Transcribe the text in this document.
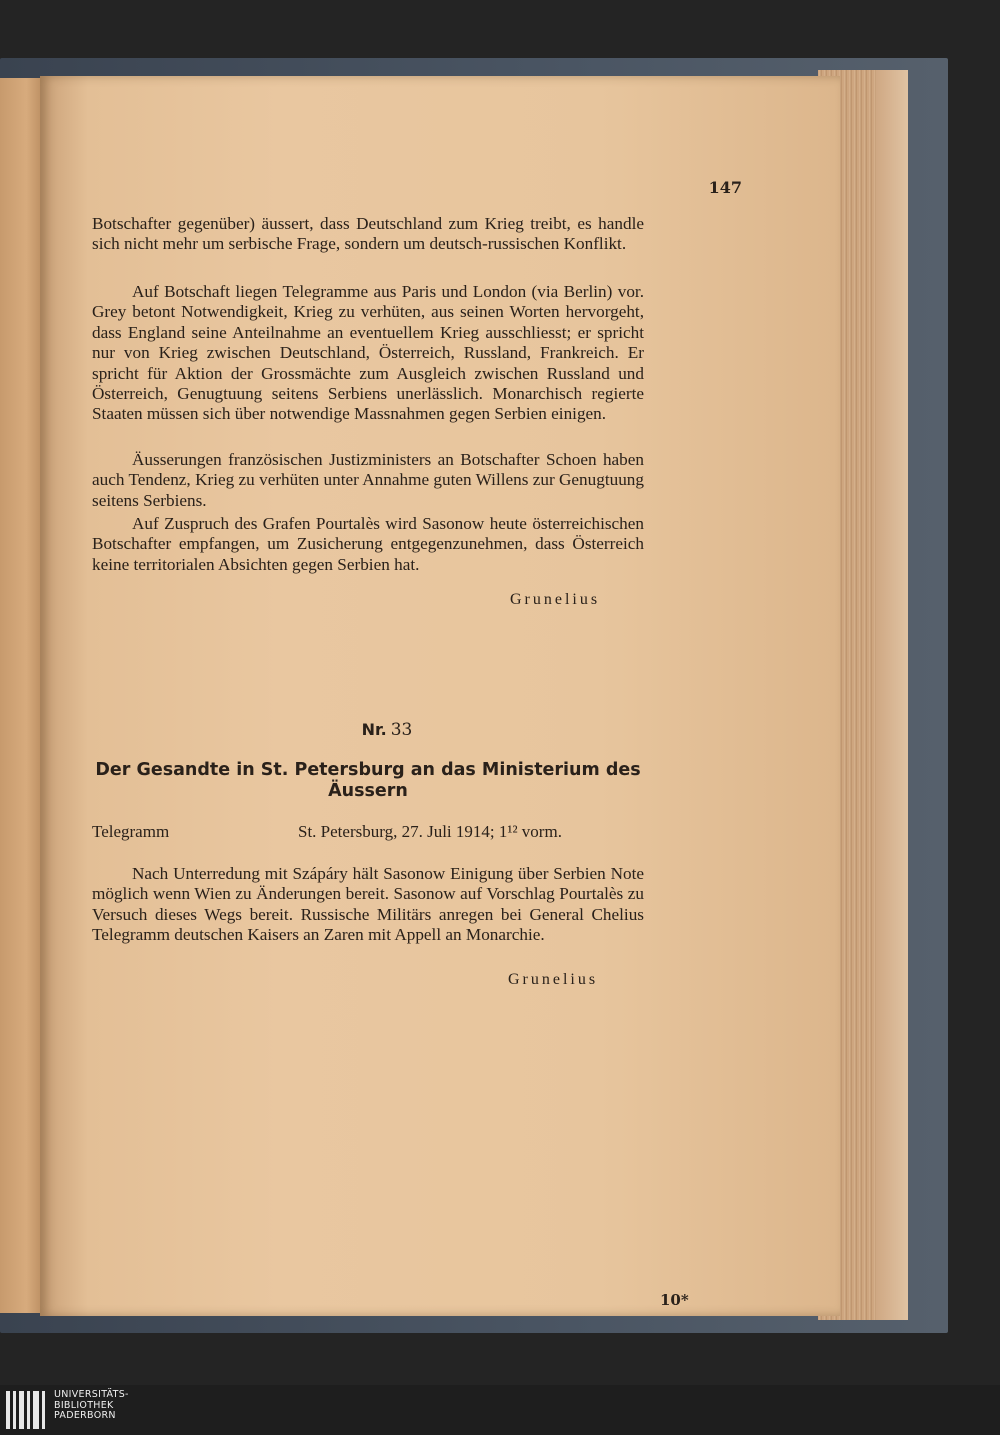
147

Botschafter gegenüber) äussert, dass Deutschland zum Krieg treibt, es handle sich nicht mehr um serbische Frage, sondern um deutsch-russischen Konflikt.

Auf Botschaft liegen Telegramme aus Paris und London (via Berlin) vor. Grey betont Notwendigkeit, Krieg zu verhüten, aus seinen Worten hervorgeht, dass England seine Anteilnahme an eventuellem Krieg ausschliesst; er spricht nur von Krieg zwischen Deutschland, Österreich, Russland, Frankreich. Er spricht für Aktion der Grossmächte zum Ausgleich zwischen Russland und Österreich, Genugtuung seitens Serbiens unerlässlich. Monarchisch regierte Staaten müssen sich über notwendige Massnahmen gegen Serbien einigen.

Äusserungen französischen Justizministers an Botschafter Schoen haben auch Tendenz, Krieg zu verhüten unter Annahme guten Willens zur Genugtuung seitens Serbiens.

Auf Zuspruch des Grafen Pourtalès wird Sasonow heute österreichischen Botschafter empfangen, um Zusicherung entgegenzunehmen, dass Österreich keine territorialen Absichten gegen Serbien hat.

Grunelius
Nr. 33
Der Gesandte in St. Petersburg an das Ministerium des
Äussern
Telegramm	St. Petersburg, 27. Juli 1914; 1¹² vorm.

Nach Unterredung mit Szápáry hält Sasonow Einigung über Serbien Note möglich wenn Wien zu Änderungen bereit. Sasonow auf Vorschlag Pourtalès zu Versuch dieses Wegs bereit. Russische Militärs anregen bei General Chelius Telegramm deutschen Kaisers an Zaren mit Appell an Monarchie.

Grunelius
10*
UNIVERSITÄTS-
BIBLIOTHEK
PADERBORN
